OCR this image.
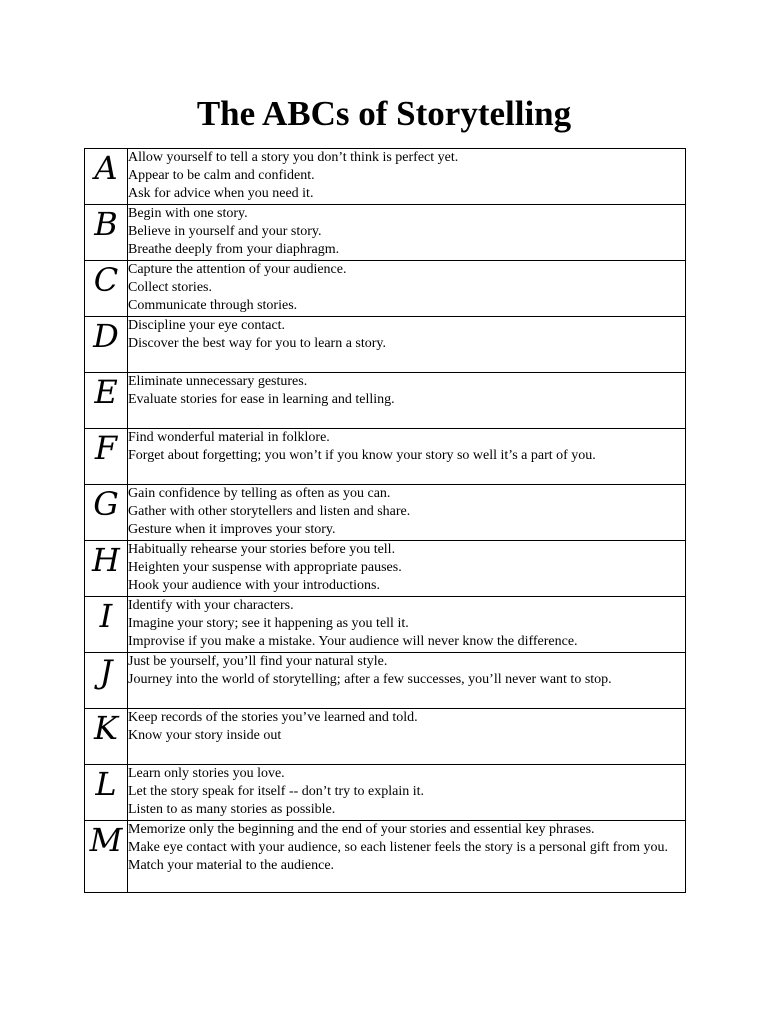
The ABCs of Storytelling
A	Allow yourself to tell a story you don’t think is perfect yet.
Appear to be calm and confident.
Ask for advice when you need it.

B	Begin with one story.
Believe in yourself and your story.
Breathe deeply from your diaphragm.

C	Capture the attention of your audience.
Collect stories.
Communicate through stories.

D	Discipline your eye contact.
Discover the best way for you to learn a story.

E	Eliminate unnecessary gestures.
Evaluate stories for ease in learning and telling.

F	Find wonderful material in folklore.
Forget about forgetting; you won’t if you know your story so well it’s a part of you.

G	Gain confidence by telling as often as you can.
Gather with other storytellers and listen and share.
Gesture when it improves your story.

H	Habitually rehearse your stories before you tell.
Heighten your suspense with appropriate pauses.
Hook your audience with your introductions.

I	Identify with your characters.
Imagine your story; see it happening as you tell it.
Improvise if you make a mistake. Your audience will never know the difference.

J	Just be yourself, you’ll find your natural style.
Journey into the world of storytelling; after a few successes, you’ll never want to stop.

K	Keep records of the stories you’ve learned and told.
Know your story inside out

L	Learn only stories you love.
Let the story speak for itself -- don’t try to explain it.
Listen to as many stories as possible.

M	Memorize only the beginning and the end of your stories and essential key phrases.
Make eye contact with your audience, so each listener feels the story is a personal gift from you.
Match your material to the audience.
